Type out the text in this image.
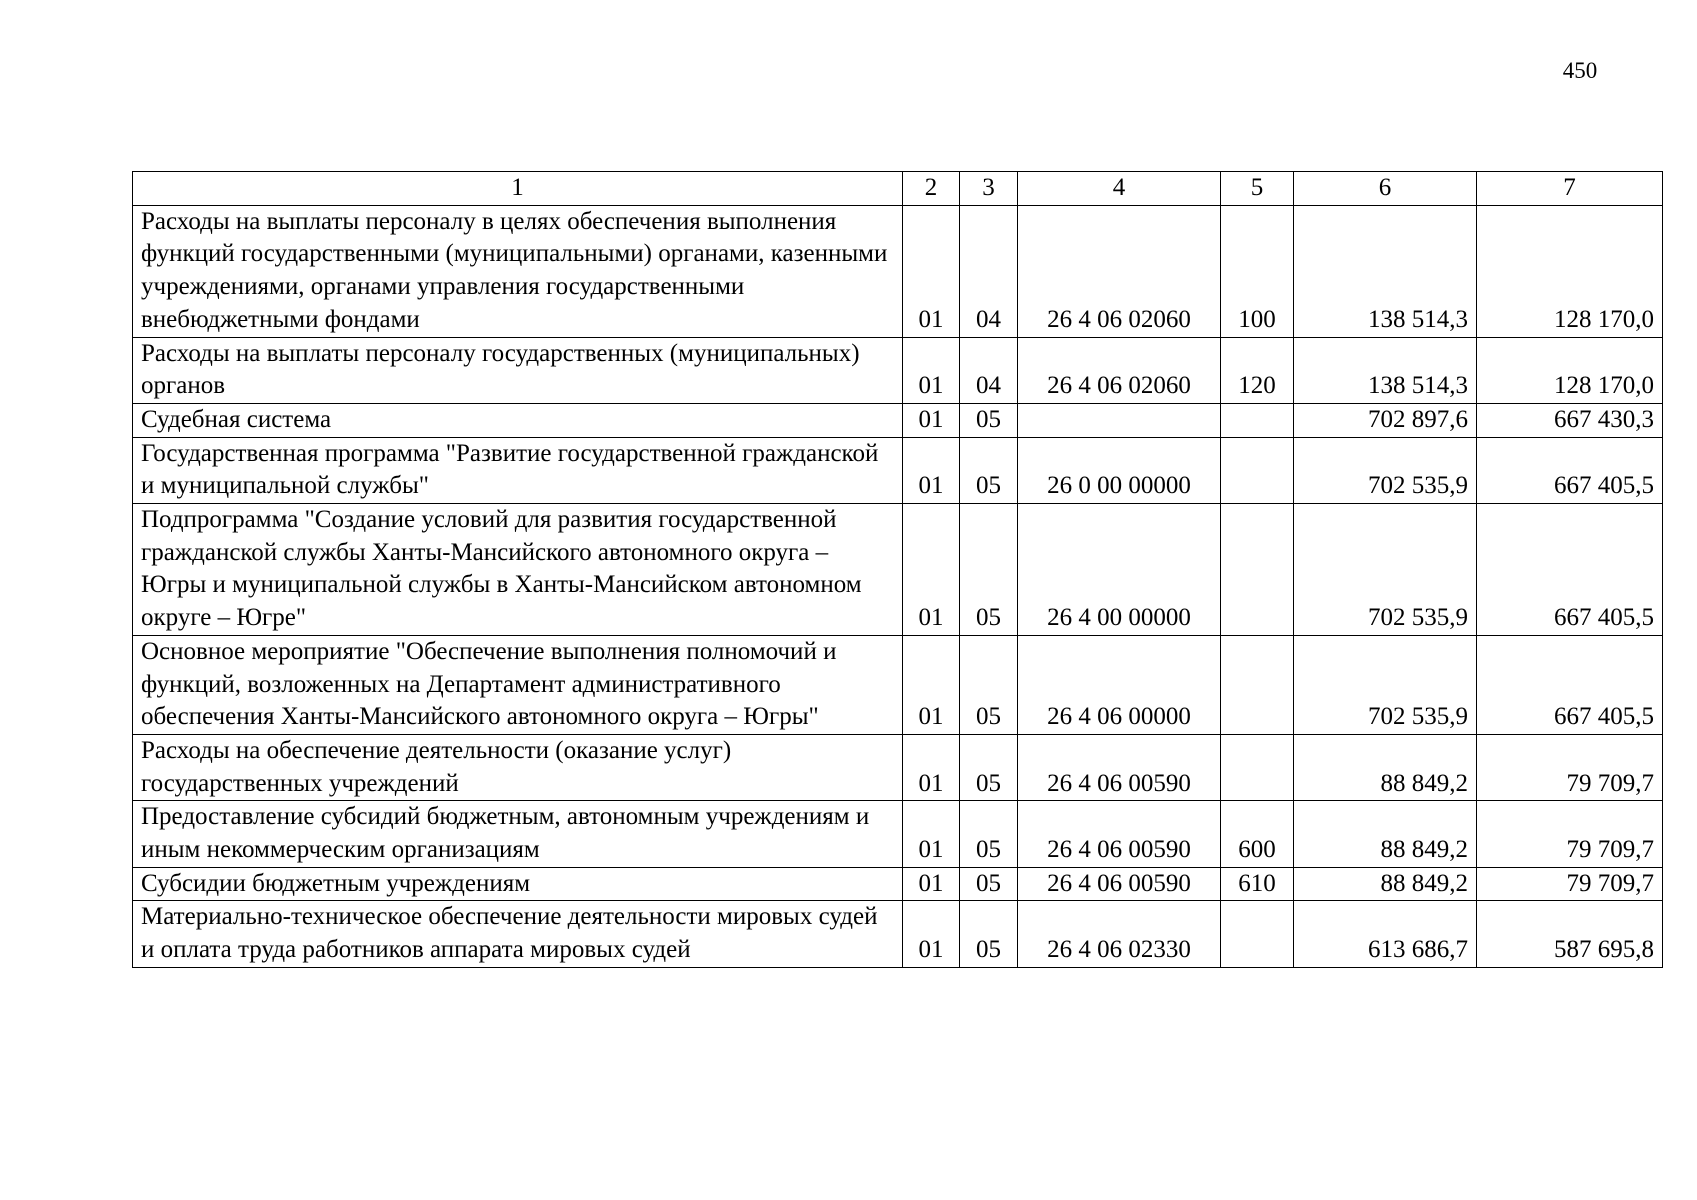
450
1	2	3	4	5	6	7
Расходы на выплаты персоналу в целях обеспечения выполнения функций государственными (муниципальными) органами, казенными учреждениями, органами управления государственными внебюджетными фондами	01	04	26 4 06 02060	100	138 514,3	128 170,0
Расходы на выплаты персоналу государственных (муниципальных) органов	01	04	26 4 06 02060	120	138 514,3	128 170,0
Судебная система	01	05			702 897,6	667 430,3
Государственная программа "Развитие государственной гражданской и муниципальной службы"	01	05	26 0 00 00000		702 535,9	667 405,5
Подпрограмма "Создание условий для развития государственной гражданской службы Ханты-Мансийского автономного округа – Югры и муниципальной службы в Ханты-Мансийском автономном округе – Югре"	01	05	26 4 00 00000		702 535,9	667 405,5
Основное мероприятие "Обеспечение выполнения полномочий и функций, возложенных на Департамент административного обеспечения Ханты-Мансийского автономного округа – Югры"	01	05	26 4 06 00000		702 535,9	667 405,5
Расходы на обеспечение деятельности (оказание услуг) государственных учреждений	01	05	26 4 06 00590		88 849,2	79 709,7
Предоставление субсидий бюджетным, автономным учреждениям и иным некоммерческим организациям	01	05	26 4 06 00590	600	88 849,2	79 709,7
Субсидии бюджетным учреждениям	01	05	26 4 06 00590	610	88 849,2	79 709,7
Материально-техническое обеспечение деятельности мировых судей и оплата труда работников аппарата мировых судей	01	05	26 4 06 02330		613 686,7	587 695,8
